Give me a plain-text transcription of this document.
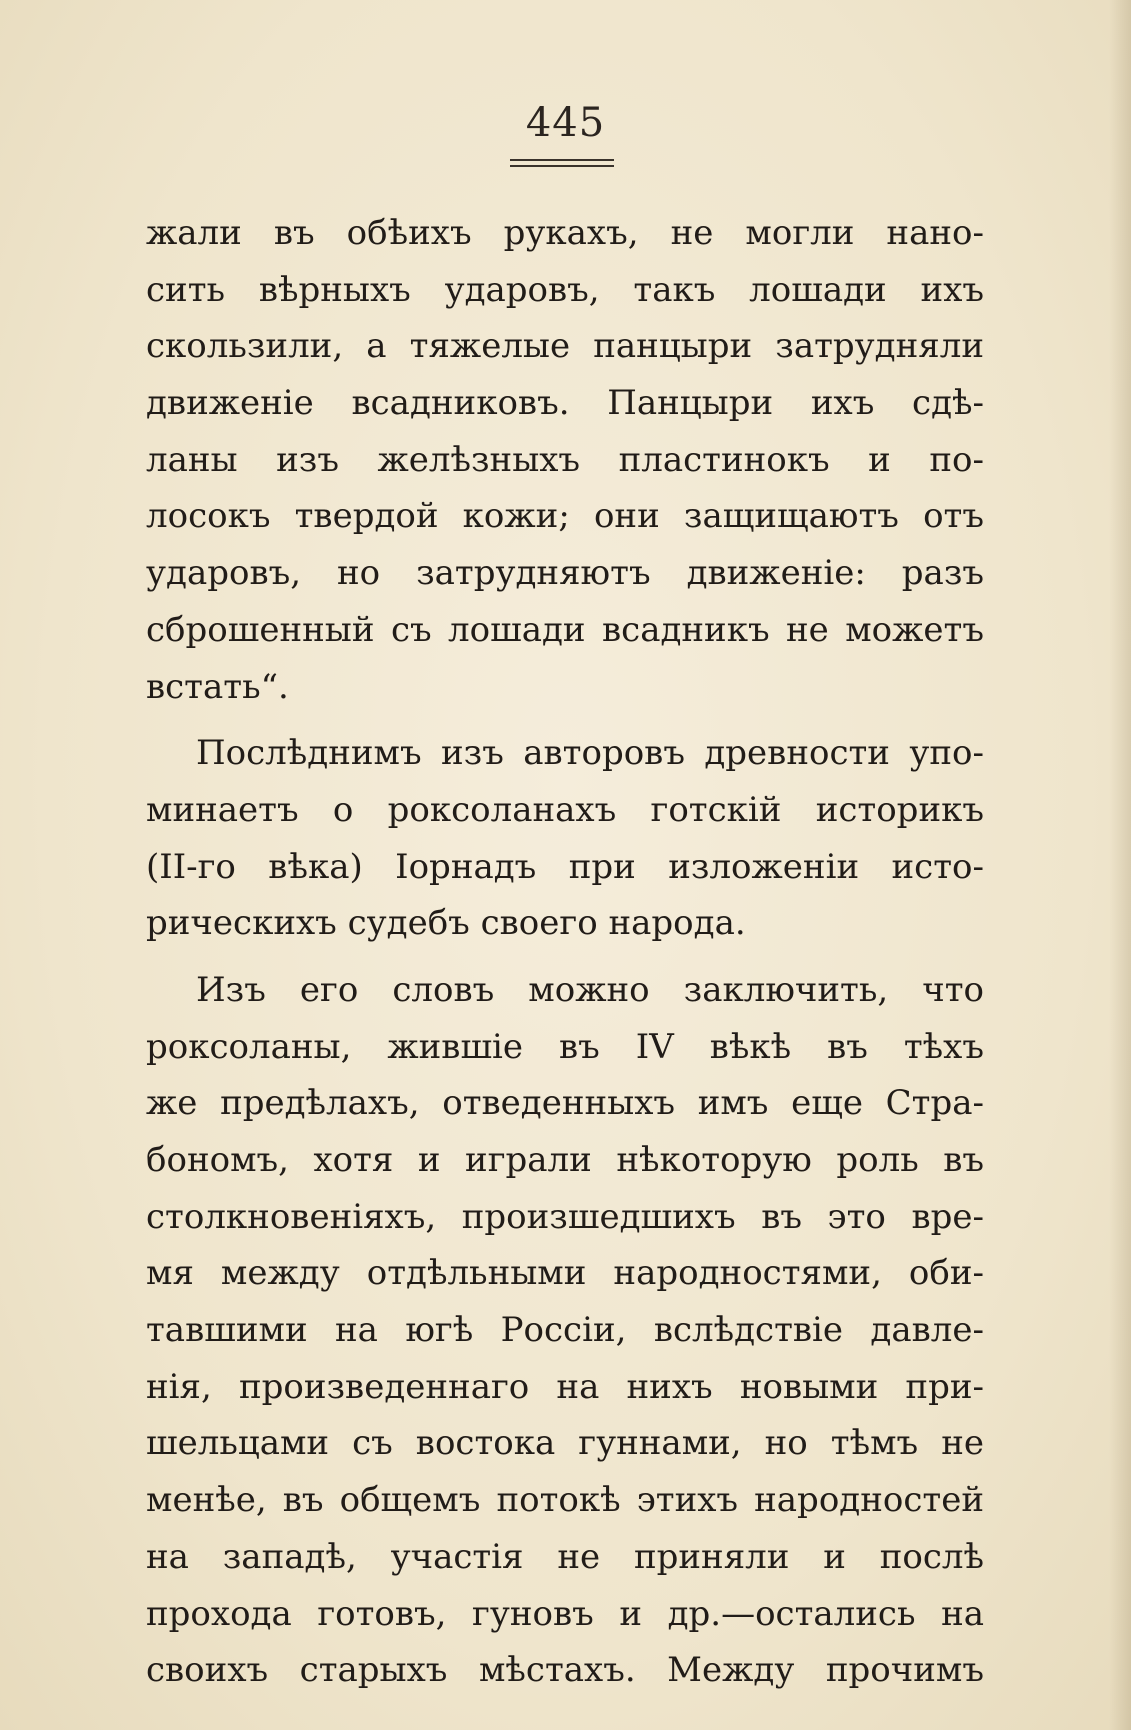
445
жали въ обѣихъ рукахъ, не могли нано-
сить вѣрныхъ ударовъ, такъ лошади ихъ
скользили, а тяжелые панцыри затрудняли
движеніе всадниковъ. Панцыри ихъ сдѣ-
ланы изъ желѣзныхъ пластинокъ и по-
лосокъ твердой кожи; они защищаютъ отъ
ударовъ, но затрудняютъ движеніе: разъ
сброшенный съ лошади всадникъ не можетъ
встать“.
Послѣднимъ изъ авторовъ древности упо-
минаетъ о роксоланахъ готскій историкъ
(II-го вѣка) Іорнадъ при изложеніи исто-
рическихъ судебъ своего народа.
Изъ его словъ можно заключить, что
роксоланы, жившіе въ IV вѣкѣ въ тѣхъ
же предѣлахъ, отведенныхъ имъ еще Стра-
бономъ, хотя и играли нѣкоторую роль въ
столкновеніяхъ, произшедшихъ въ это вре-
мя между отдѣльными народностями, оби-
тавшими на югѣ Россіи, вслѣдствіе давле-
нія, произведеннаго на нихъ новыми при-
шельцами съ востока гуннами, но тѣмъ не
менѣе, въ общемъ потокѣ этихъ народностей
на западѣ, участія не приняли и послѣ
прохода готовъ, гуновъ и др.—остались на
своихъ старыхъ мѣстахъ. Между прочимъ
